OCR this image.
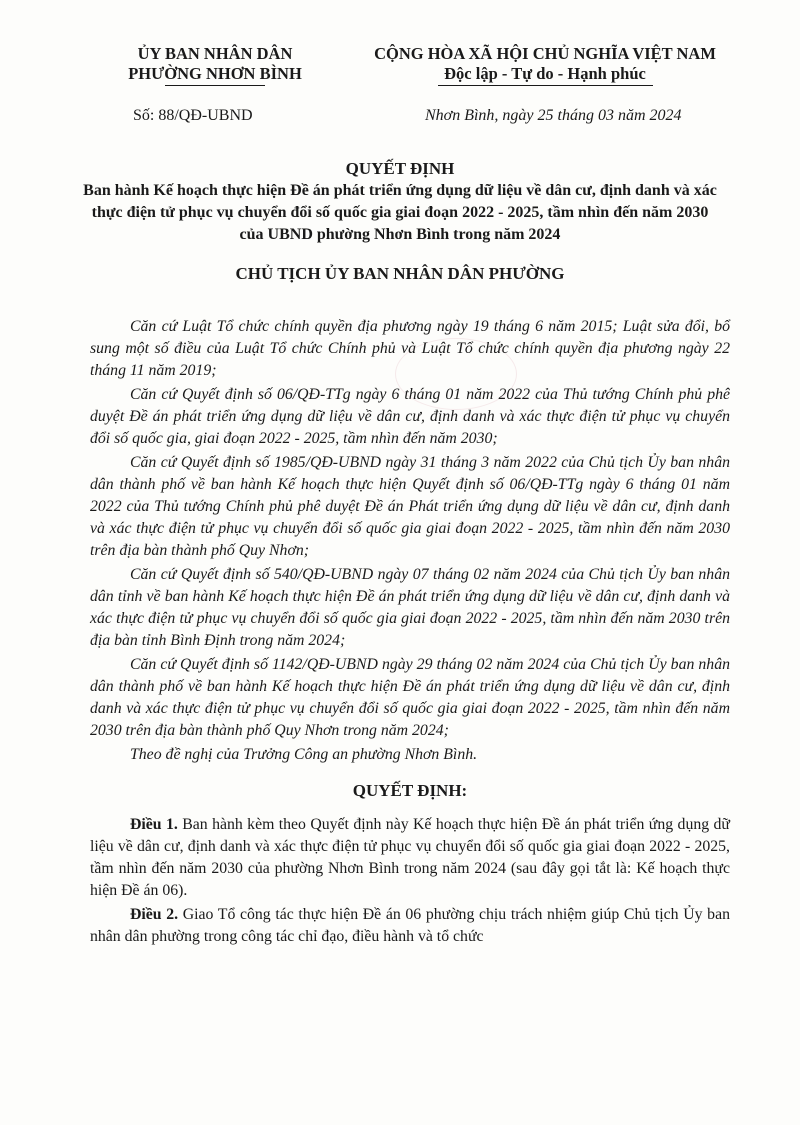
ỦY BAN NHÂN DÂN
PHƯỜNG NHƠN BÌNH
CỘNG HÒA XÃ HỘI CHỦ NGHĨA VIỆT NAM
Độc lập - Tự do - Hạnh phúc
Số: 88/QĐ-UBND	Nhơn Bình, ngày 25 tháng 03 năm 2024
QUYẾT ĐỊNH
Ban hành Kế hoạch thực hiện Đề án phát triển ứng dụng dữ liệu về dân cư, định danh và xác thực điện tử phục vụ chuyển đổi số quốc gia giai đoạn 2022 - 2025, tầm nhìn đến năm 2030 của UBND phường Nhơn Bình trong năm 2024
CHỦ TỊCH ỦY BAN NHÂN DÂN PHƯỜNG

Căn cứ Luật Tổ chức chính quyền địa phương ngày 19 tháng 6 năm 2015; Luật sửa đổi, bổ sung một số điều của Luật Tổ chức Chính phủ và Luật Tổ chức chính quyền địa phương ngày 22 tháng 11 năm 2019;

Căn cứ Quyết định số 06/QĐ-TTg ngày 6 tháng 01 năm 2022 của Thủ tướng Chính phủ phê duyệt Đề án phát triển ứng dụng dữ liệu về dân cư, định danh và xác thực điện tử phục vụ chuyển đổi số quốc gia, giai đoạn 2022 - 2025, tầm nhìn đến năm 2030;

Căn cứ Quyết định số 1985/QĐ-UBND ngày 31 tháng 3 năm 2022 của Chủ tịch Ủy ban nhân dân thành phố về ban hành Kế hoạch thực hiện Quyết định số 06/QĐ-TTg ngày 6 tháng 01 năm 2022 của Thủ tướng Chính phủ phê duyệt Đề án Phát triển ứng dụng dữ liệu về dân cư, định danh và xác thực điện tử phục vụ chuyển đổi số quốc gia giai đoạn 2022 - 2025, tầm nhìn đến năm 2030 trên địa bàn thành phố Quy Nhơn;

Căn cứ Quyết định số 540/QĐ-UBND ngày 07 tháng 02 năm 2024 của Chủ tịch Ủy ban nhân dân tỉnh về ban hành Kế hoạch thực hiện Đề án phát triển ứng dụng dữ liệu về dân cư, định danh và xác thực điện tử phục vụ chuyển đổi số quốc gia giai đoạn 2022 - 2025, tầm nhìn đến năm 2030 trên địa bàn tỉnh Bình Định trong năm 2024;

Căn cứ Quyết định số 1142/QĐ-UBND ngày 29 tháng 02 năm 2024 của Chủ tịch Ủy ban nhân dân thành phố về ban hành Kế hoạch thực hiện Đề án phát triển ứng dụng dữ liệu về dân cư, định danh và xác thực điện tử phục vụ chuyển đổi số quốc gia giai đoạn 2022 - 2025, tầm nhìn đến năm 2030 trên địa bàn thành phố Quy Nhơn trong năm 2024;

Theo đề nghị của Trưởng Công an phường Nhơn Bình.

QUYẾT ĐỊNH:

Điều 1. Ban hành kèm theo Quyết định này Kế hoạch thực hiện Đề án phát triển ứng dụng dữ liệu về dân cư, định danh và xác thực điện tử phục vụ chuyển đổi số quốc gia giai đoạn 2022 - 2025, tầm nhìn đến năm 2030 của phường Nhơn Bình trong năm 2024 (sau đây gọi tắt là: Kế hoạch thực hiện Đề án 06).

Điều 2. Giao Tổ công tác thực hiện Đề án 06 phường chịu trách nhiệm giúp Chủ tịch Ủy ban nhân dân phường trong công tác chỉ đạo, điều hành và tổ chức
